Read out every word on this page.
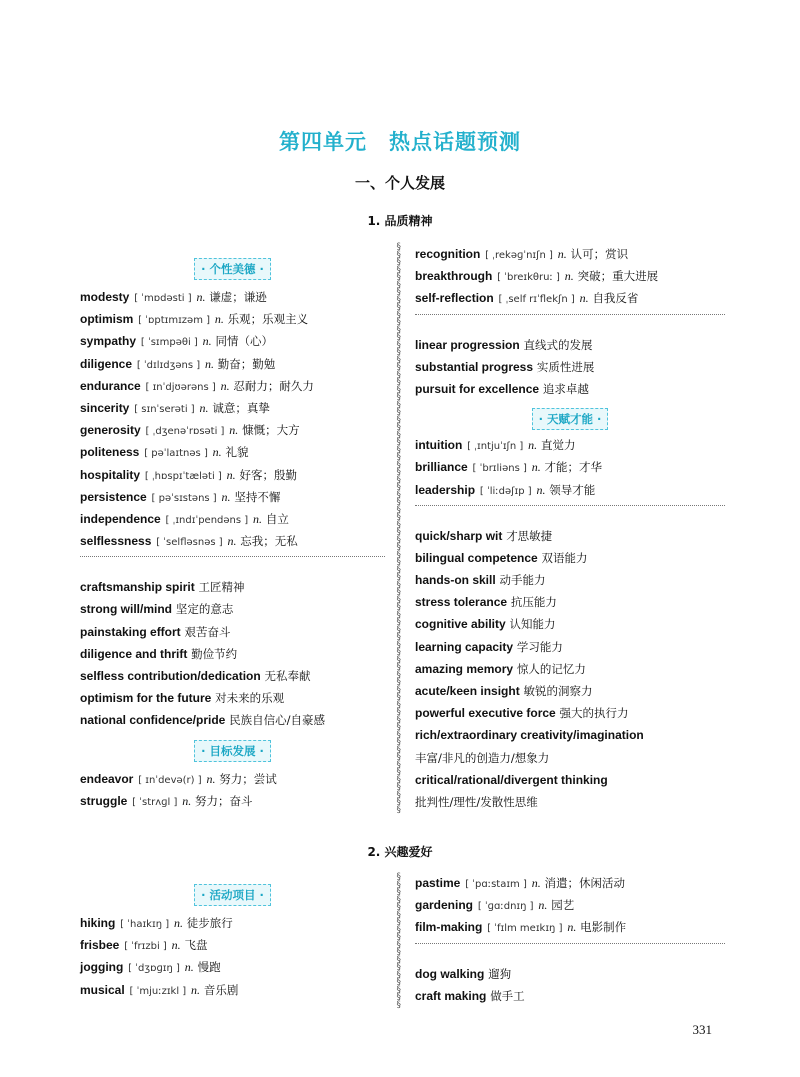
第四单元　热点话题预测
一、个人发展
1. 品质精神
2. 兴趣爱好
· 个性美德 ·
modesty [ ˈmɒdəsti ] n. 谦虚；谦逊
optimism [ ˈɒptɪmɪzəm ] n. 乐观；乐观主义
sympathy [ ˈsɪmpəθi ] n. 同情（心）
diligence [ ˈdɪlɪdʒəns ] n. 勤奋；勤勉
endurance [ ɪnˈdjʊərəns ] n. 忍耐力；耐久力
sincerity [ sɪnˈserəti ] n. 诚意；真挚
generosity [ ˌdʒenəˈrɒsəti ] n. 慷慨；大方
politeness [ pəˈlaɪtnəs ] n. 礼貌
hospitality [ ˌhɒspɪˈtæləti ] n. 好客；殷勤
persistence [ pəˈsɪstəns ] n. 坚持不懈
independence [ ˌɪndɪˈpendəns ] n. 自立
selflessness [ ˈselfləsnəs ] n. 忘我；无私
craftsmanship spirit 工匠精神
strong will/mind 坚定的意志
painstaking effort 艰苦奋斗
diligence and thrift 勤俭节约
selfless contribution/dedication 无私奉献
optimism for the future 对未来的乐观
national confidence/pride 民族自信心/自豪感
· 目标发展 ·
endeavor [ ɪnˈdevə(r) ] n. 努力；尝试
struggle [ ˈstrʌɡl ] n. 努力；奋斗
recognition [ ˌrekəɡˈnɪʃn ] n. 认可；赏识
breakthrough [ ˈbreɪkθruː ] n. 突破；重大进展
self-reflection [ ˌself rɪˈflekʃn ] n. 自我反省
linear progression 直线式的发展
substantial progress 实质性进展
pursuit for excellence 追求卓越
· 天赋才能 ·
intuition [ ˌɪntjuˈɪʃn ] n. 直觉力
brilliance [ ˈbrɪliəns ] n. 才能；才华
leadership [ ˈliːdəʃɪp ] n. 领导才能
quick/sharp wit 才思敏捷
bilingual competence 双语能力
hands-on skill 动手能力
stress tolerance 抗压能力
cognitive ability 认知能力
learning capacity 学习能力
amazing memory 惊人的记忆力
acute/keen insight 敏锐的洞察力
powerful executive force 强大的执行力
rich/extraordinary creativity/imagination
丰富/非凡的创造力/想象力
critical/rational/divergent thinking
批判性/理性/发散性思维
· 活动项目 ·
hiking [ ˈhaɪkɪŋ ] n. 徒步旅行
frisbee [ ˈfrɪzbi ] n. 飞盘
jogging [ ˈdʒɒɡɪŋ ] n. 慢跑
musical [ ˈmjuːzɪkl ] n. 音乐剧
pastime [ ˈpɑːstaɪm ] n. 消遣；休闲活动
gardening [ ˈɡɑːdnɪŋ ] n. 园艺
film-making [ ˈfɪlm meɪkɪŋ ] n. 电影制作
dog walking 遛狗
craft making 做手工
§
§
§
§
§
§
§
§
§
§
§
§
§
§
§
§
§
§
§
§
§
§
§
§
§
§
§
§
§
§
§
§
§
§
§
§
§
§
§
§
§
§
§
§
§
§
§
§
§
§
§
§
§
§
§
§
§
§
§
§
§
§
§
§
§
§
§
§
§
§
§
§
§
§
§
§
§
§
§
§
§
§
§
§
§
§
§
§
§
§
§
§
§
§
331
